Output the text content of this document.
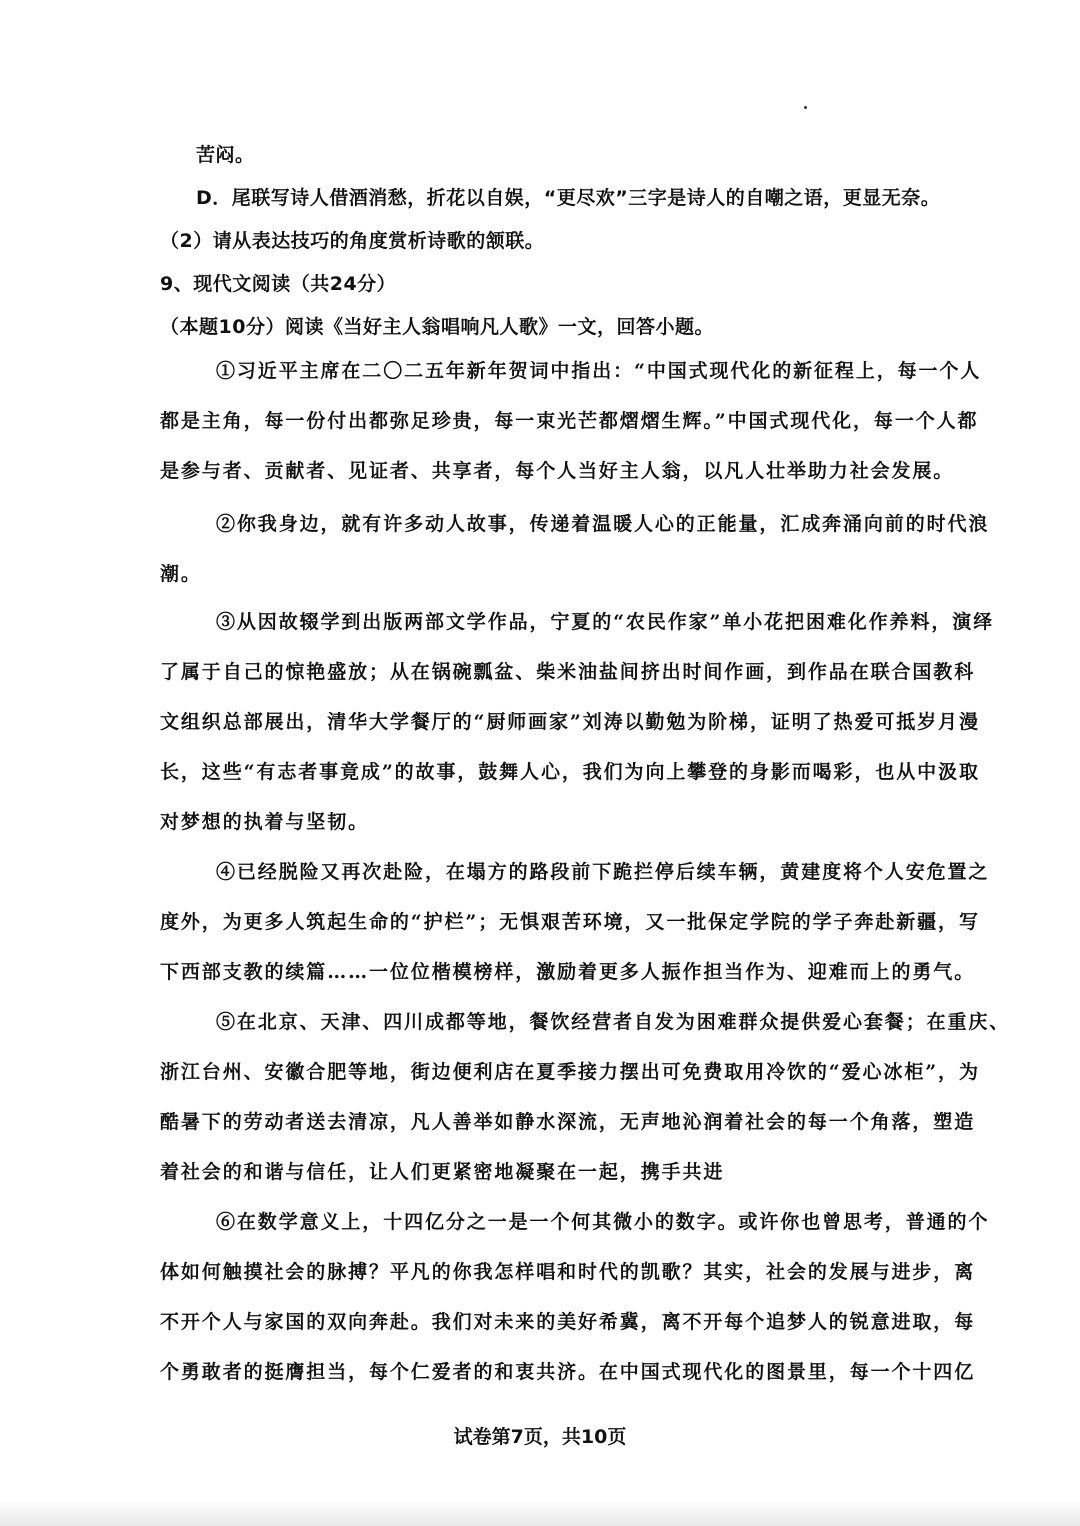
苦闷。
D．尾联写诗人借酒消愁，折花以自娱，“更尽欢”三字是诗人的自嘲之语，更显无奈。
（2）请从表达技巧的角度赏析诗歌的颔联。
9、现代文阅读（共24分）
（本题10分）阅读《当好主人翁唱响凡人歌》一文，回答小题。
①习近平主席在二〇二五年新年贺词中指出：“中国式现代化的新征程上，每一个人
都是主角，每一份付出都弥足珍贵，每一束光芒都熠熠生辉。”中国式现代化，每一个人都
是参与者、贡献者、见证者、共享者，每个人当好主人翁，以凡人壮举助力社会发展。
②你我身边，就有许多动人故事，传递着温暖人心的正能量，汇成奔涌向前的时代浪
潮。
③从因故辍学到出版两部文学作品，宁夏的“农民作家”单小花把困难化作养料，演绎
了属于自己的惊艳盛放；从在锅碗瓢盆、柴米油盐间挤出时间作画，到作品在联合国教科
文组织总部展出，清华大学餐厅的“厨师画家”刘涛以勤勉为阶梯，证明了热爱可抵岁月漫
长，这些“有志者事竟成”的故事，鼓舞人心，我们为向上攀登的身影而喝彩，也从中汲取
对梦想的执着与坚韧。
④已经脱险又再次赴险，在塌方的路段前下跪拦停后续车辆，黄建度将个人安危置之
度外，为更多人筑起生命的“护栏”；无惧艰苦环境，又一批保定学院的学子奔赴新疆，写
下西部支教的续篇……一位位楷模榜样，激励着更多人振作担当作为、迎难而上的勇气。
⑤在北京、天津、四川成都等地，餐饮经营者自发为困难群众提供爱心套餐；在重庆、
浙江台州、安徽合肥等地，街边便利店在夏季接力摆出可免费取用冷饮的“爱心冰柜”，为
酷暑下的劳动者送去清凉，凡人善举如静水深流，无声地沁润着社会的每一个角落，塑造
着社会的和谐与信任，让人们更紧密地凝聚在一起，携手共进
⑥在数学意义上，十四亿分之一是一个何其微小的数字。或许你也曾思考，普通的个
体如何触摸社会的脉搏？平凡的你我怎样唱和时代的凯歌？其实，社会的发展与进步，离
不开个人与家国的双向奔赴。我们对未来的美好希冀，离不开每个追梦人的锐意进取，每
个勇敢者的挺膺担当，每个仁爱者的和衷共济。在中国式现代化的图景里，每一个十四亿
试卷第7页，共10页
